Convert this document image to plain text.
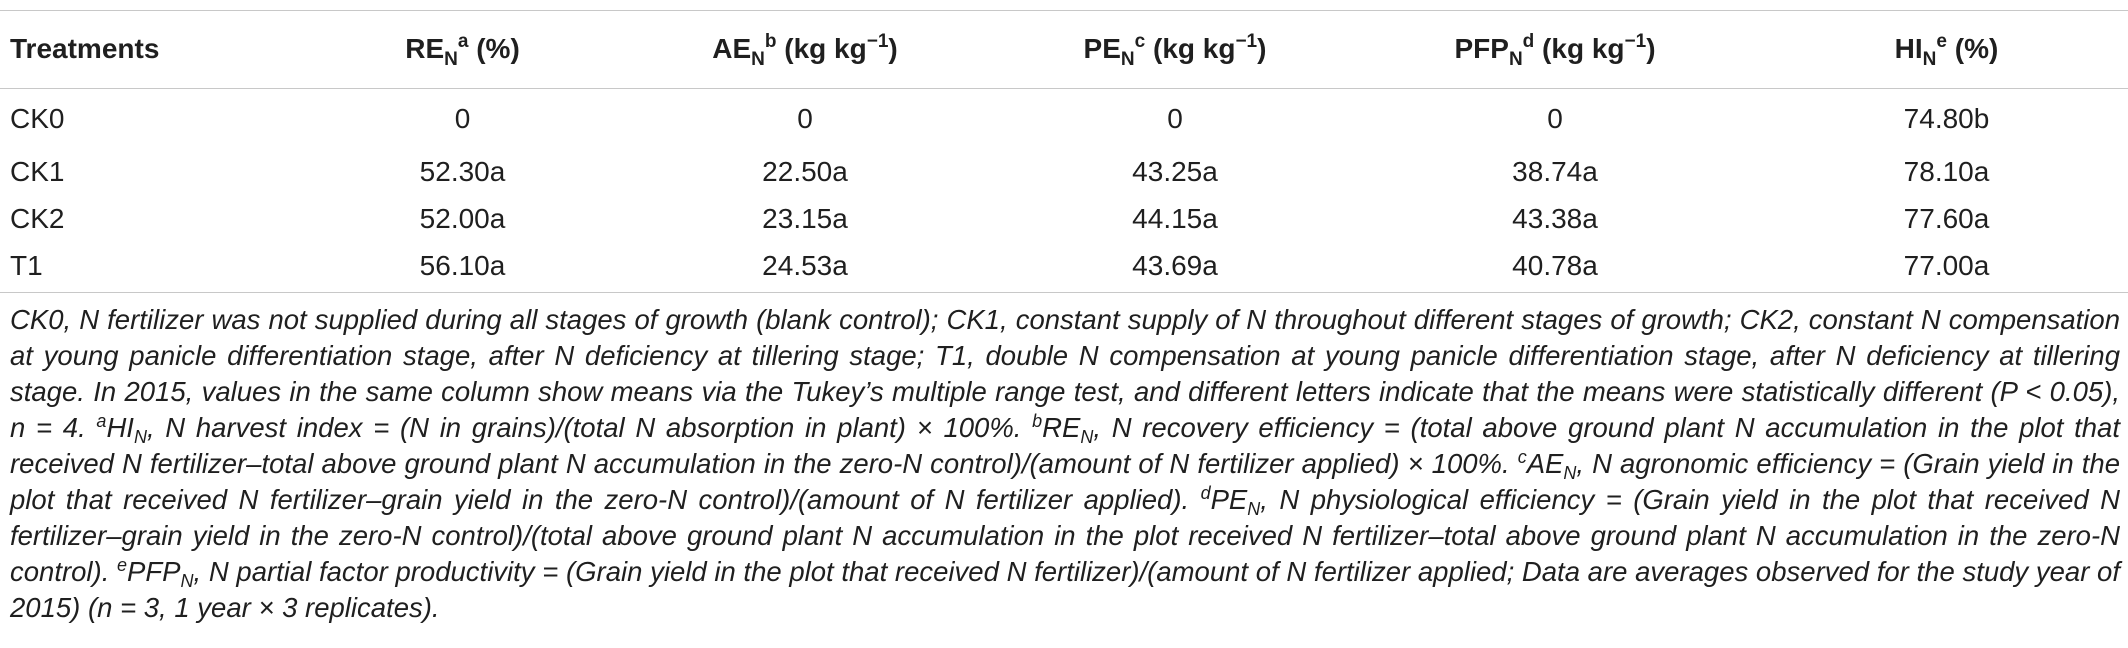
Treatments	$RE_N^a$ (%)	$AE_N^b$ (kg $kg^{-1}$)	$PE_N^c$ (kg $kg^{-1}$)	$PFP_N^d$ (kg $kg^{-1}$)	$HI_N^e$ (%)
CK0	0	0	0	0	74.80b
CK1	52.30a	22.50a	43.25a	38.74a	78.10a
CK2	52.00a	23.15a	44.15a	43.38a	77.60a
T1	56.10a	24.53a	43.69a	40.78a	77.00a
CK0, N fertilizer was not supplied during all stages of growth (blank control); CK1, constant supply of N throughout different stages of growth; CK2, constant N compensation at young panicle differentiation stage, after N deficiency at tillering stage; T1, double N compensation at young panicle differentiation stage, after N deficiency at tillering stage. In 2015, values in the same column show means via the Tukey’s multiple range test, and different letters indicate that the means were statistically different (P < 0.05), n = 4. $^aHI_N$, N harvest index = (N in grains)/(total N absorption in plant) × 100%. $^bRE_N$, N recovery efficiency = (total above ground plant N accumulation in the plot that received N fertilizer–total above ground plant N accumulation in the zero-N control)/(amount of N fertilizer applied) × 100%. $^cAE_N$, N agronomic efficiency = (Grain yield in the plot that received N fertilizer–grain yield in the zero-N control)/(amount of N fertilizer applied). $^dPE_N$, N physiological efficiency = (Grain yield in the plot that received N fertilizer–grain yield in the zero-N control)/(total above ground plant N accumulation in the plot received N fertilizer–total above ground plant N accumulation in the zero-N control). $^ePFP_N$, N partial factor productivity = (Grain yield in the plot that received N fertilizer)/(amount of N fertilizer applied; Data are averages observed for the study year of 2015) (n = 3, 1 year × 3 replicates).
